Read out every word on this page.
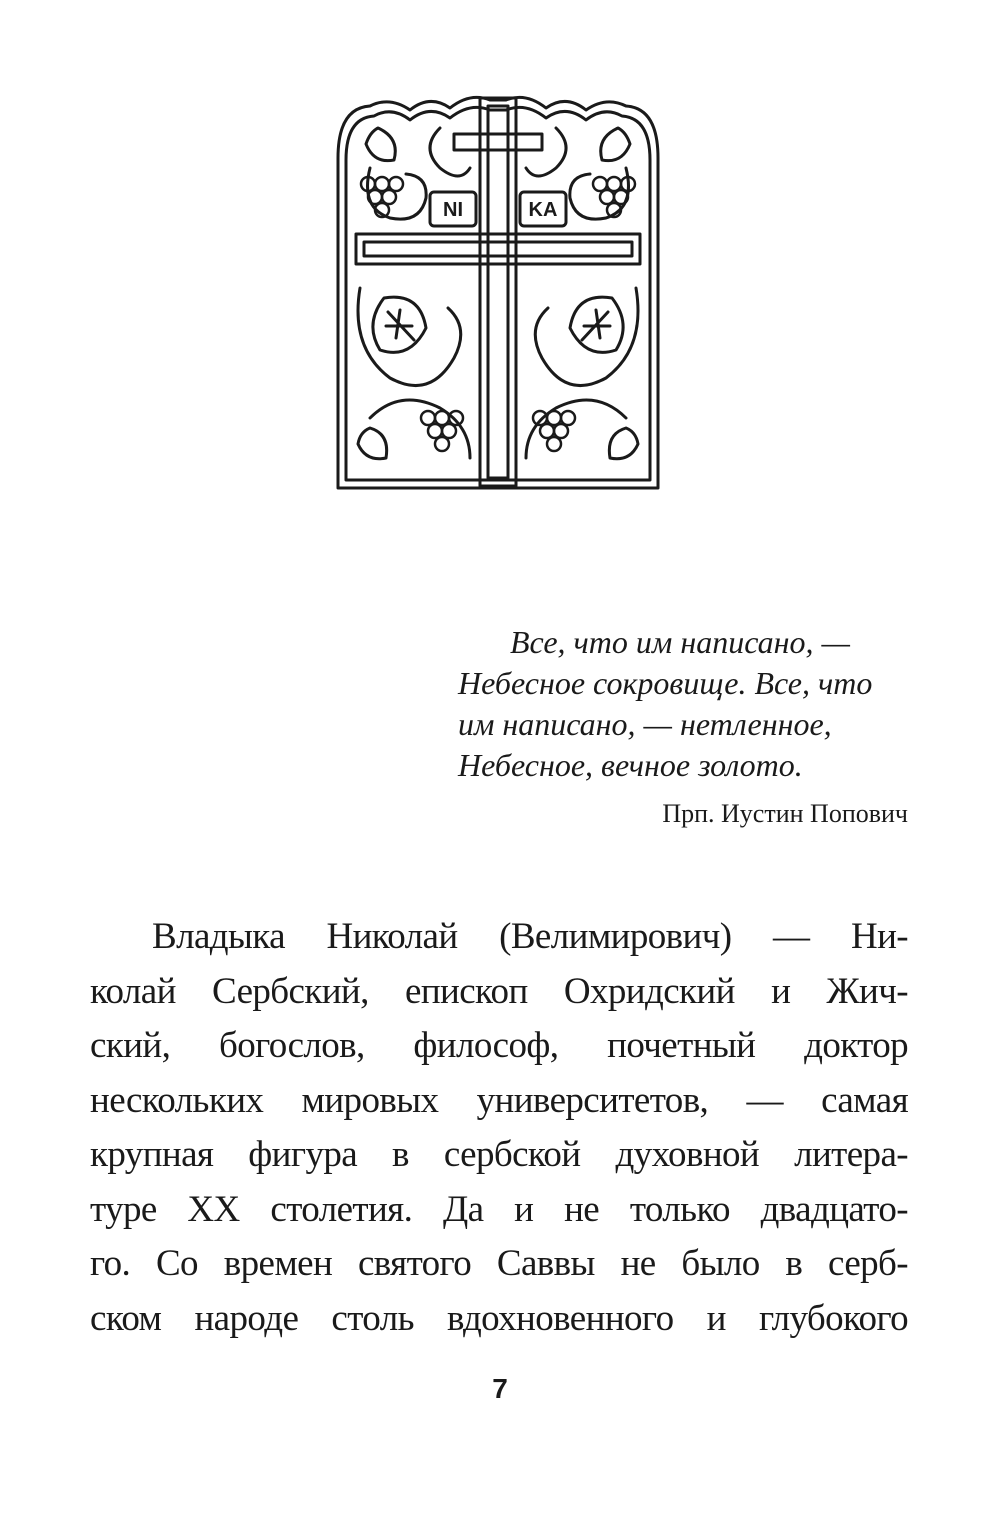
NI	KA
Все, что им написано, —
Небесное сокровище. Все, что
им написано, — нетленное,
Небесное, вечное золото.
Прп. Иустин Попович
Владыка Николай (Велимирович) — Ни-
колай Сербский, епископ Охридский и Жич-
ский, богослов, философ, почетный доктор
нескольких мировых университетов, — самая
крупная фигура в сербской духовной литера-
туре XX столетия. Да и не только двадцато-
го. Со времен святого Саввы не было в серб-
ском народе столь вдохновенного и глубокого
7
